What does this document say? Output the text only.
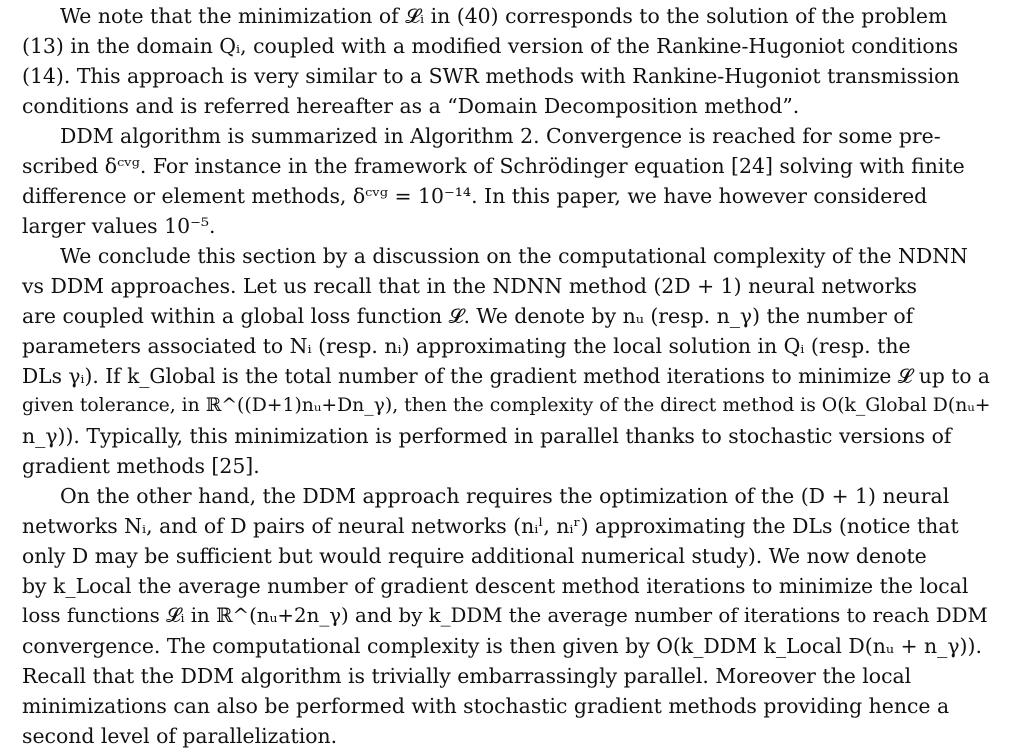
We note that the minimization of 𝓛ᵢ in (40) corresponds to the solution of the problem
(13) in the domain Qᵢ, coupled with a modified version of the Rankine-Hugoniot conditions
(14). This approach is very similar to a SWR methods with Rankine-Hugoniot transmission
conditions and is referred hereafter as a “Domain Decomposition method”.
DDM algorithm is summarized in Algorithm 2. Convergence is reached for some pre-
scribed δᶜᵛᵍ. For instance in the framework of Schrödinger equation [24] solving with finite
difference or element methods, δᶜᵛᵍ = 10⁻¹⁴. In this paper, we have however considered
larger values 10⁻⁵.
We conclude this section by a discussion on the computational complexity of the NDNN
vs DDM approaches. Let us recall that in the NDNN method (2D + 1) neural networks
are coupled within a global loss function 𝓛. We denote by nᵤ (resp. n_γ) the number of
parameters associated to Nᵢ (resp. nᵢ) approximating the local solution in Qᵢ (resp. the
DLs γᵢ). If k_Global is the total number of the gradient method iterations to minimize 𝓛 up to a
given tolerance, in ℝ^((D+1)nᵤ+Dn_γ), then the complexity of the direct method is O(k_Global D(nᵤ+
n_γ)). Typically, this minimization is performed in parallel thanks to stochastic versions of
gradient methods [25].
On the other hand, the DDM approach requires the optimization of the (D + 1) neural
networks Nᵢ, and of D pairs of neural networks (nᵢˡ, nᵢʳ) approximating the DLs (notice that
only D may be sufficient but would require additional numerical study). We now denote
by k_Local the average number of gradient descent method iterations to minimize the local
loss functions 𝓛ᵢ in ℝ^(nᵤ+2n_γ) and by k_DDM the average number of iterations to reach DDM
convergence. The computational complexity is then given by O(k_DDM k_Local D(nᵤ + n_γ)).
Recall that the DDM algorithm is trivially embarrassingly parallel. Moreover the local
minimizations can also be performed with stochastic gradient methods providing hence a
second level of parallelization.
